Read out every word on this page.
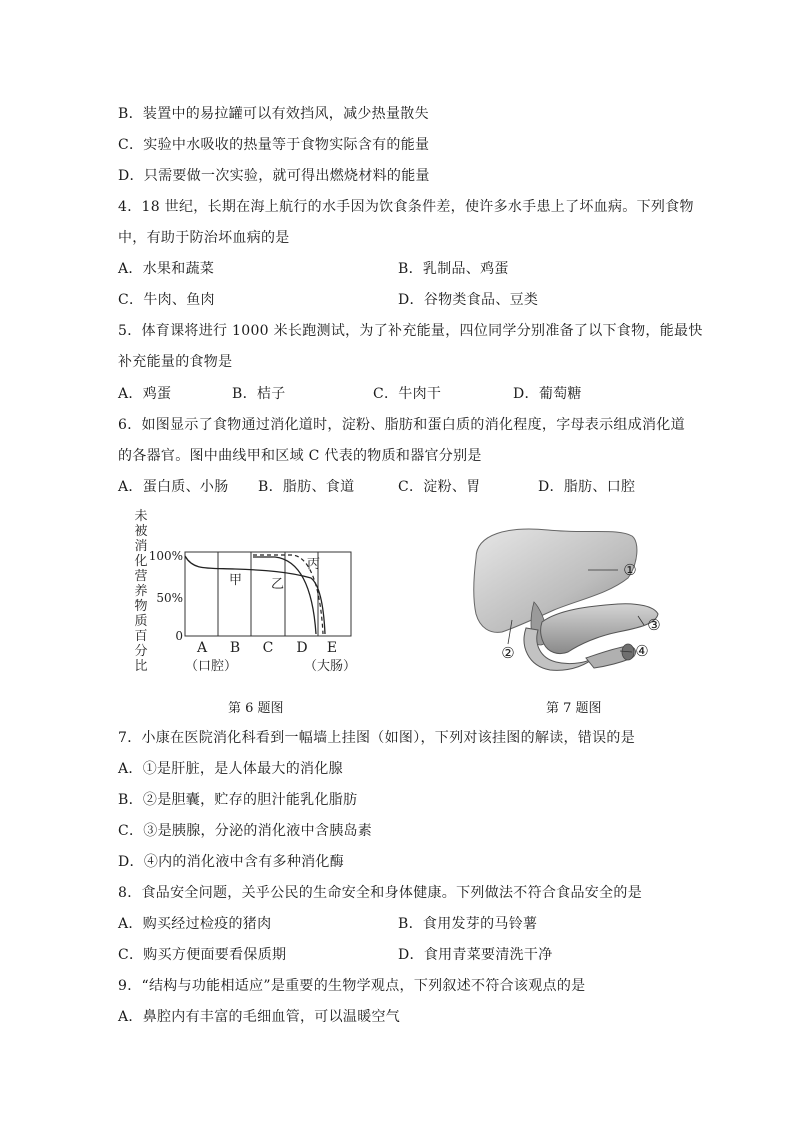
B．装置中的易拉罐可以有效挡风，减少热量散失
C．实验中水吸收的热量等于食物实际含有的能量
D．只需要做一次实验，就可得出燃烧材料的能量
4．18 世纪，长期在海上航行的水手因为饮食条件差，使许多水手患上了坏血病。下列食物
中，有助于防治坏血病的是
A．水果和蔬菜	B．乳制品、鸡蛋
C．牛肉、鱼肉	D．谷物类食品、豆类
5．体育课将进行 1000 米长跑测试，为了补充能量，四位同学分别准备了以下食物，能最快
补充能量的食物是
A．鸡蛋	B．桔子	C．牛肉干	D．葡萄糖
6．如图显示了食物通过消化道时，淀粉、脂肪和蛋白质的消化程度，字母表示组成消化道
的各器官。图中曲线甲和区域 C 代表的物质和器官分别是
A．蛋白质、小肠 B．脂肪、食道	C．淀粉、胃	D．脂肪、口腔
未
被
消
化
营
养
物
质
百
分
比
100%
50%
0
甲 乙
丙
A B C D E
（口腔）	（大肠）
①
②
③
④
第 6 题图	第 7 题图
7．小康在医院消化科看到一幅墙上挂图（如图），下列对该挂图的解读，错误的是
A．①是肝脏，是人体最大的消化腺
B．②是胆囊，贮存的胆汁能乳化脂肪
C．③是胰腺，分泌的消化液中含胰岛素
D．④内的消化液中含有多种消化酶
8．食品安全问题，关乎公民的生命安全和身体健康。下列做法不符合食品安全的是
A．购买经过检疫的猪肉	B．食用发芽的马铃薯
C．购买方便面要看保质期	D．食用青菜要清洗干净
9．“结构与功能相适应”是重要的生物学观点，下列叙述不符合该观点的是
A．鼻腔内有丰富的毛细血管，可以温暖空气
